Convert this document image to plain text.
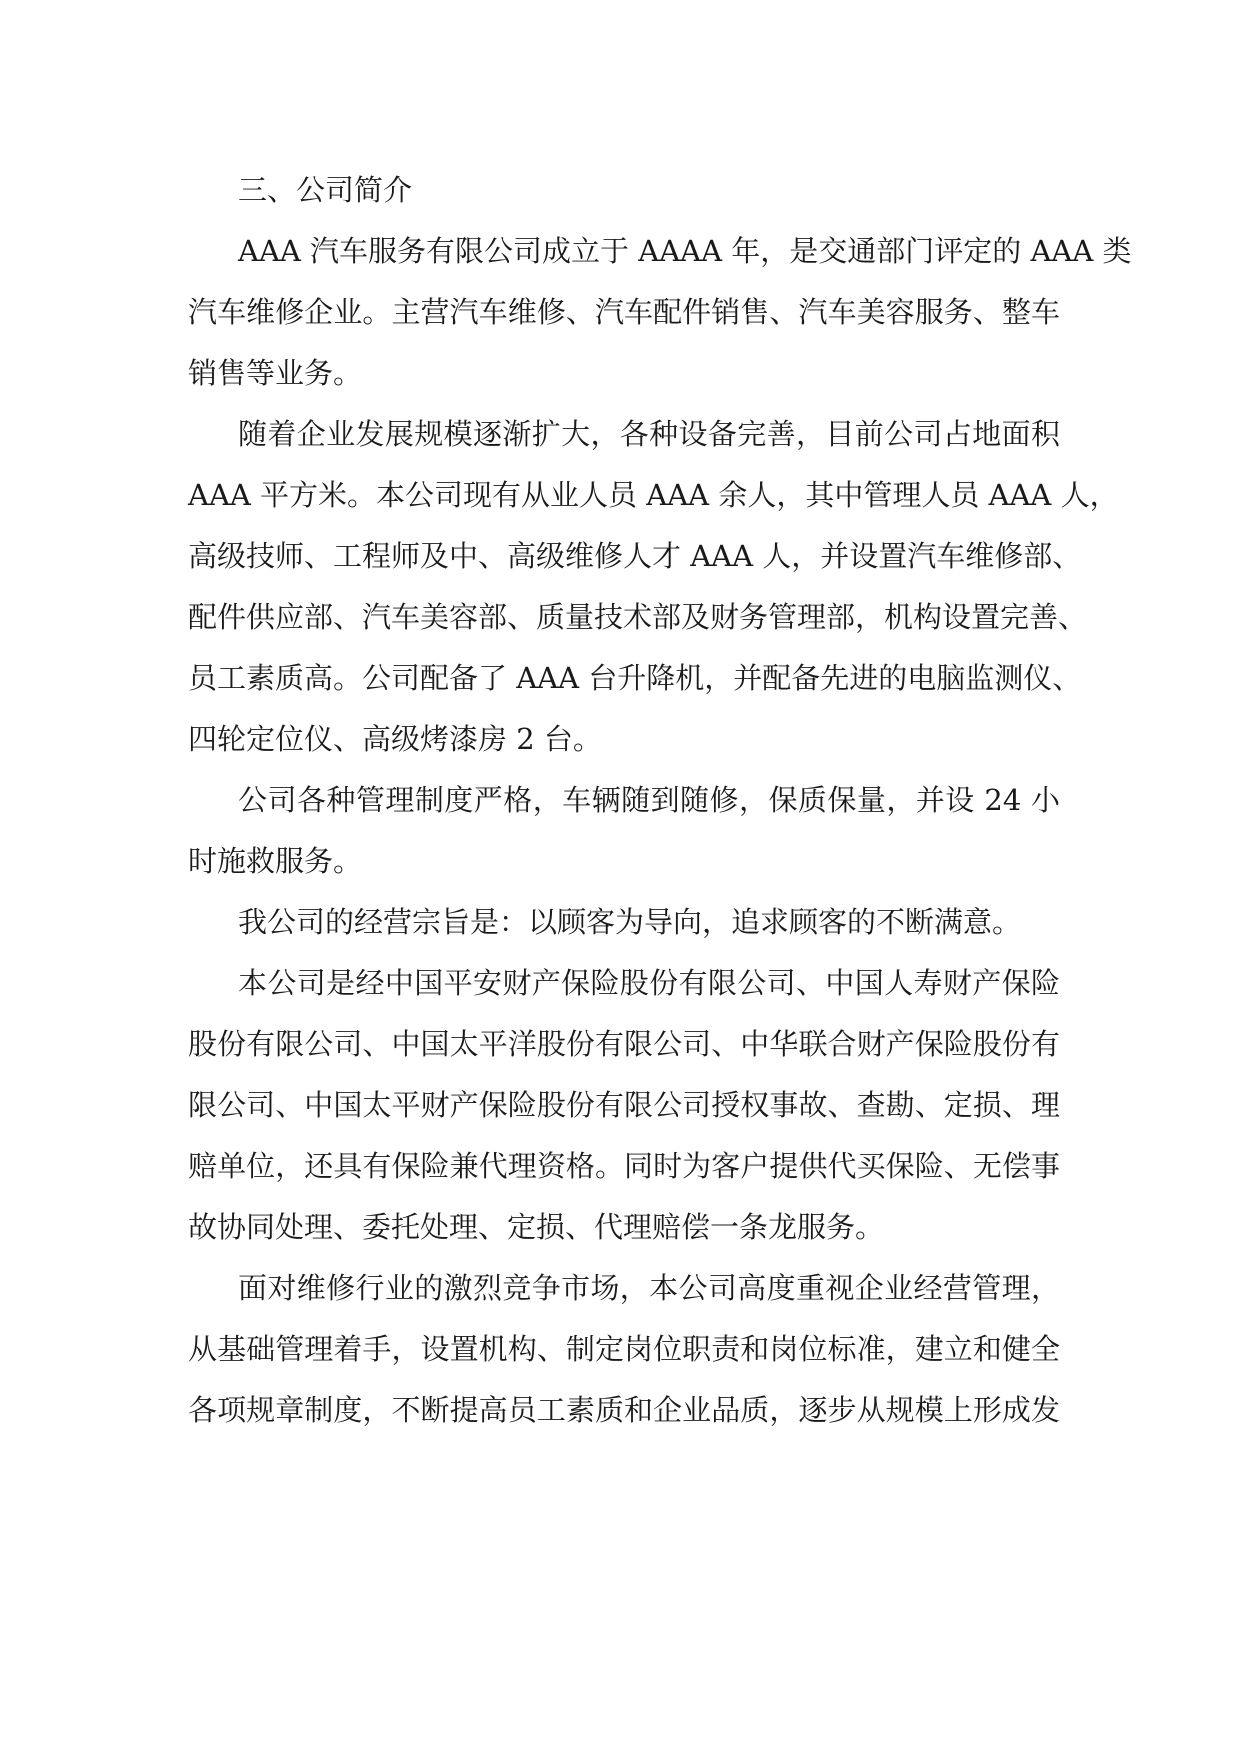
三、公司简介
AAA 汽车服务有限公司成立于 AAAA 年，是交通部门评定的 AAA 类
汽车维修企业。主营汽车维修、汽车配件销售、汽车美容服务、整车
销售等业务。
随着企业发展规模逐渐扩大，各种设备完善，目前公司占地面积
AAA 平方米。本公司现有从业人员 AAA 余人，其中管理人员 AAA 人，
高级技师、工程师及中、高级维修人才 AAA 人，并设置汽车维修部、
配件供应部、汽车美容部、质量技术部及财务管理部，机构设置完善、
员工素质高。公司配备了 AAA 台升降机，并配备先进的电脑监测仪、
四轮定位仪、高级烤漆房 2 台。
公司各种管理制度严格，车辆随到随修，保质保量，并设 24 小
时施救服务。
我公司的经营宗旨是：以顾客为导向，追求顾客的不断满意。
本公司是经中国平安财产保险股份有限公司、中国人寿财产保险
股份有限公司、中国太平洋股份有限公司、中华联合财产保险股份有
限公司、中国太平财产保险股份有限公司授权事故、查勘、定损、理
赔单位，还具有保险兼代理资格。同时为客户提供代买保险、无偿事
故协同处理、委托处理、定损、代理赔偿一条龙服务。
面对维修行业的激烈竞争市场，本公司高度重视企业经营管理，
从基础管理着手，设置机构、制定岗位职责和岗位标准，建立和健全
各项规章制度，不断提高员工素质和企业品质，逐步从规模上形成发
